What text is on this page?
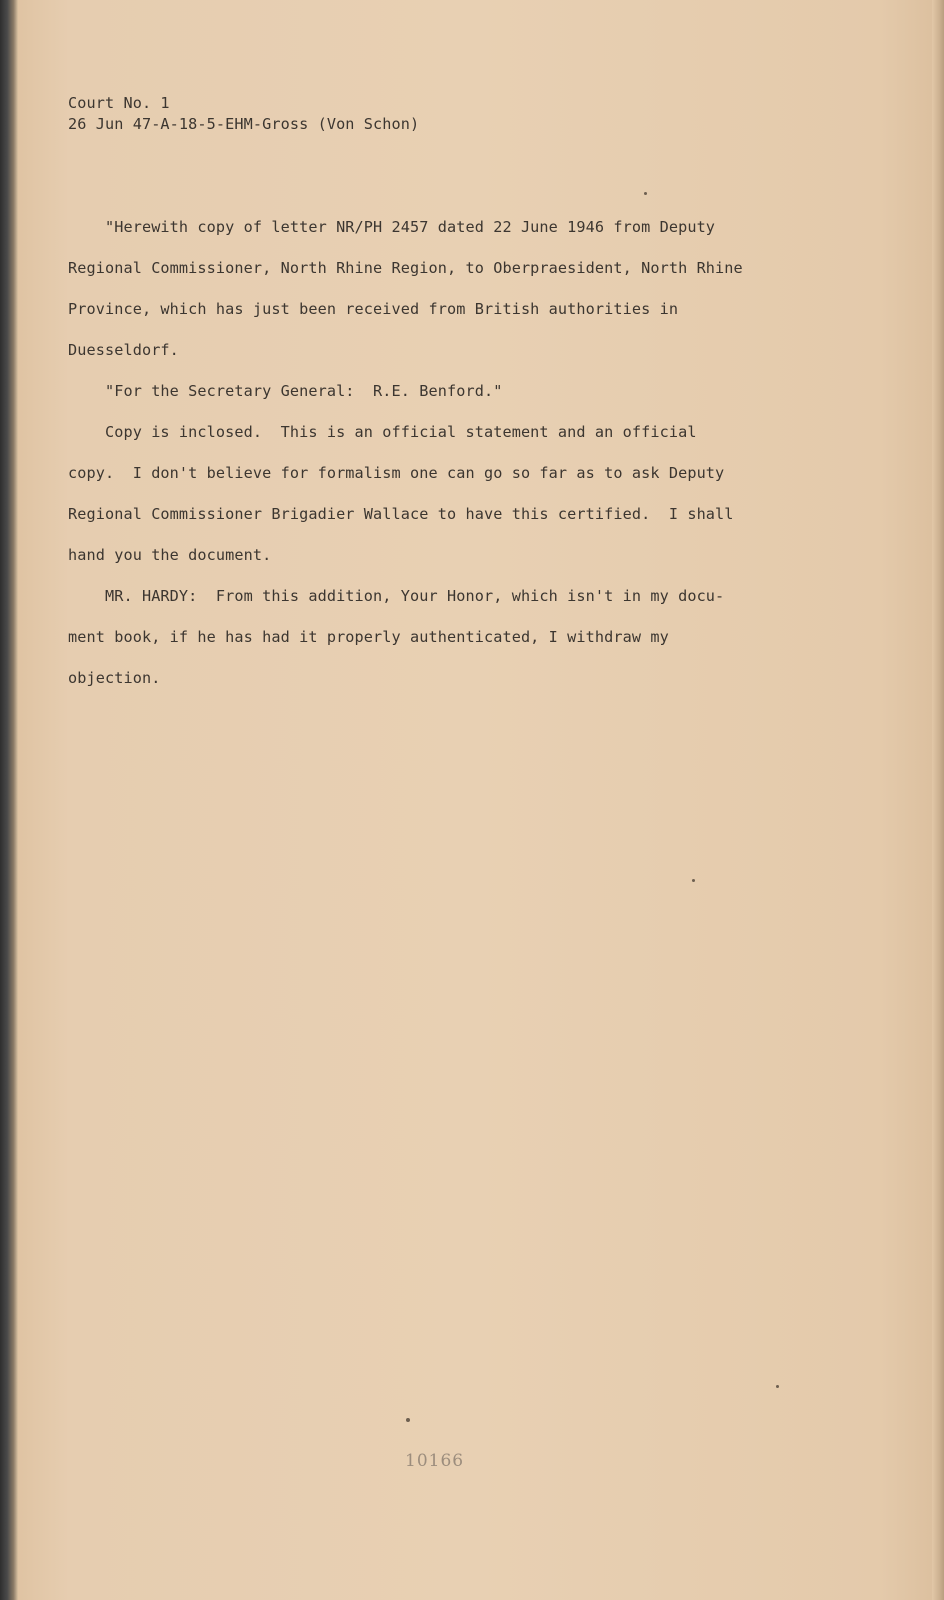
Court No. 1
26 Jun 47-A-18-5-EHM-Gross (Von Schon)
"Herewith copy of letter NR/PH 2457 dated 22 June 1946 from Deputy
Regional Commissioner, North Rhine Region, to Oberpraesident, North Rhine
Province, which has just been received from British authorities in
Duesseldorf.
"For the Secretary General:  R.E. Benford."
Copy is inclosed.  This is an official statement and an official
copy.  I don't believe for formalism one can go so far as to ask Deputy
Regional Commissioner Brigadier Wallace to have this certified.  I shall
hand you the document.
MR. HARDY:  From this addition, Your Honor, which isn't in my docu-
ment book, if he has had it properly authenticated, I withdraw my
objection.
10166
